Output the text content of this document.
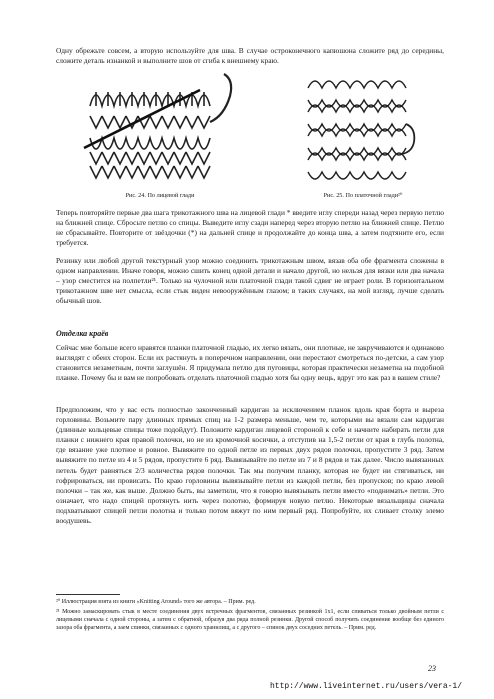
Одну обрежьте совсем, а вторую используйте для шва. В случае остроконечного капюшона сложите ряд до середины, сложите деталь изнанкой и выполните шов от сгиба к внешнему краю.

Рис. 24. По лицевой глади	Рис. 25. По платочной глади²⁰

Теперь повторяйте первые два шага трикотажного шва на лицевой глади * введите иглу спереди назад через первую петлю на ближней спице. Сбросьте петлю со спицы. Выведите иглу сзади наперед через вторую петлю на ближней спице. Петлю не сбрасывайте. Повторите от звёздочки (*) на дальней спице и продолжайте до конца шва, а затем подтяните его, если требуется.

Резинку или любой другой текстурный узор можно соединить трикотажным швом, вязав оба обе фрагмента сложены в одном направлении. Иначе говоря, можно сшить конец одной детали и начало другой, но нельзя для вязки или два начала – узор сместится на полпетли²¹. Только на чулочной или платочной глади такой сдвиг не играет роли. В горизонтальном трикотажном шве нет смысла, если стык виден невооружённым глазом; в таких случаях, на мой взгляд, лучше сделать обычный шов.

Отделка краёв

Сейчас мне больше всего нравятся планки платочной гладью, их легко вязать, они плотные, не закручиваются и одинаково выглядят с обеих сторон. Если их растянуть в поперечном направлении, они перестают смотреться по-детски, а сам узор становится незаметным, почти заглушён. Я придумала петлю для пуговицы, которая практически незаметна на подобной планке. Почему бы и вам не попробовать отделать платочной гладью хотя бы одну вещь, вдруг это как раз в вашем стиле?

Предположим, что у вас есть полностью законченный кардиган за исключением планок вдоль края борта и выреза горловины. Возьмите пару длинных прямых спиц на 1-2 размера меньше, чем те, которыми вы вязали сам кардиган (длинные кольцевые спицы тоже подойдут). Положите кардиган лицевой стороной к себе и начните набирать петли для планки с нижнего края правой полочки, но не из кромочной косички, а отступив на 1,5-2 петли от края в глубь полотна, где вязание уже плотное и ровное. Вывяжите по одной петле из первых двух рядов полочки, пропустите 3 ряд. Затем вывяжите по петле из 4 и 5 рядов, пропустите 6 ряд. Вывязывайте по петле из 7 и 8 рядов и так далее. Число вывязанных петель будет равняться 2/3 количества рядов полочки. Так мы получим планку, которая не будет ни стягиваться, ни гофрироваться, ни провисать. По краю горловины вывязывайте петли из каждой петли, без пропусков; по краю левой полочки – так же, как выше. Должно быть, вы заметили, что я говорю вывязывать петли вместо «поднимать» петли. Это означает, что надо спицей протянуть нить через полотно, формируя новую петлю. Некоторые вязальщицы сначала подхватывают спицей петли полотна и только потом вяжут по ним первый ряд. Попробуйте, их сливает столку элемо воодушевь.

²⁰ Иллюстрация взята из книги «Knitting Around» того же автора. – Прим. ред.

²¹ Можно замаскировать стык в месте соединения двух встречных фрагментов, связанных резинкой 1x1, если спиваться только двойным петли с лицевыми сначала с одной стороны, а затем с обратной, образуя два ряда полной резинки. Другой способ получить соединение вообще без единого зазора оба фрагмента, а заем спинки, связанных с одного хранилищ, а с другого – спинок двух соседних петель. – Прим. ред.

23
http://www.liveinternet.ru/users/vera-1/
